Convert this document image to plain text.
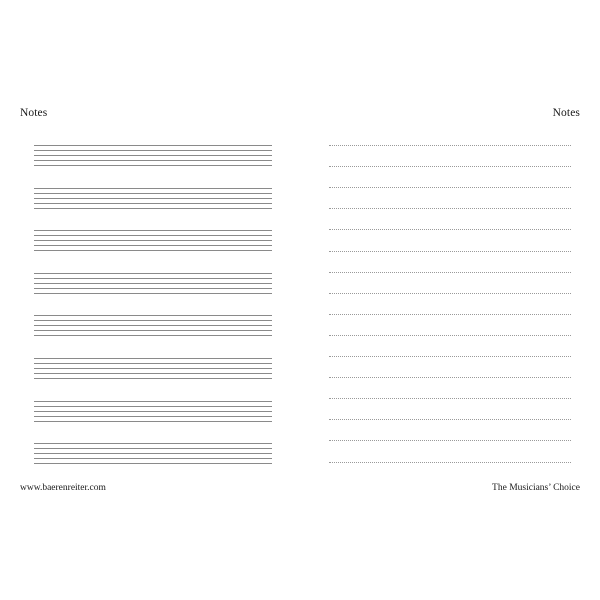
Notes
www.baerenreiter.com
Notes
The Musicians’ Choice
